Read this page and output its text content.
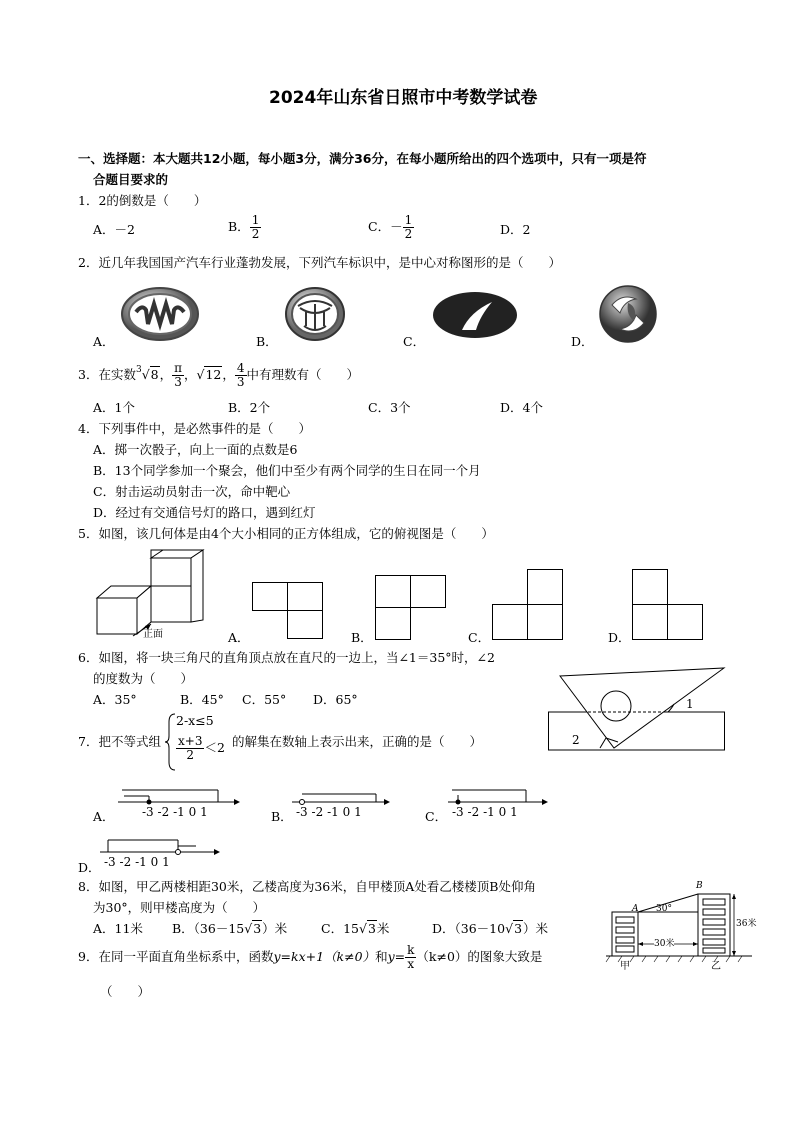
2024年山东省日照市中考数学试卷
一、选择题：本大题共12小题，每小题3分，满分36分，在每小题所给出的四个选项中，只有一项是符
合题目要求的
1．2的倒数是（　　）
A．－2	B． $\frac{1}{2}$	C．－ $\frac{1}{2}$	D．2
2．近几年我国国产汽车行业蓬勃发展，下列汽车标识中，是中心对称图形的是（　　）
A．	B．	C．	D．
3．在实数$^3$√8， $\frac{\pi}{3}$ ，√12， $\frac{4}{3}$ 中有理数有（　　）
A．1个	B．2个	C．3个	D．4个
4．下列事件中，是必然事件的是（　　）
A．掷一次骰子，向上一面的点数是6
B．13个同学参加一个聚会，他们中至少有两个同学的生日在同一个月
C．射击运动员射击一次，命中靶心
D．经过有交通信号灯的路口，遇到红灯
5．如图，该几何体是由4个大小相同的正方体组成，它的俯视图是（　　）
正面	A．	B．	C．	D．
6．如图，将一块三角尺的直角顶点放在直尺的一边上，当∠1＝35°时，∠2
的度数为（　　）
A．35°	B．45° C．55° D．65°	1
2
7．把不等式组
2-x≤5
$\frac{x+3}{2} <2$ 的解集在数轴上表示出来，正确的是（　　）
A． -3 -2 -1 0 1	B． -3 -2 -1 0 1	C． -3 -2 -1 0 1
D． -3 -2 -1 0 1
8．如图，甲乙两楼相距30米，乙楼高度为36米，自甲楼顶A处看乙楼楼顶B处仰角
为30°，则甲楼高度为（　　）
A．11米 B．（36－15√3）米	C．15√3米	D．（36－10√3）米
A
B
30°
30米
36米
甲	乙
9．在同一平面直角坐标系中，函数y=kx+1（k≠0）和$y= \frac{k}{x} (k\ne 0)$的图象大致是
（　　）
